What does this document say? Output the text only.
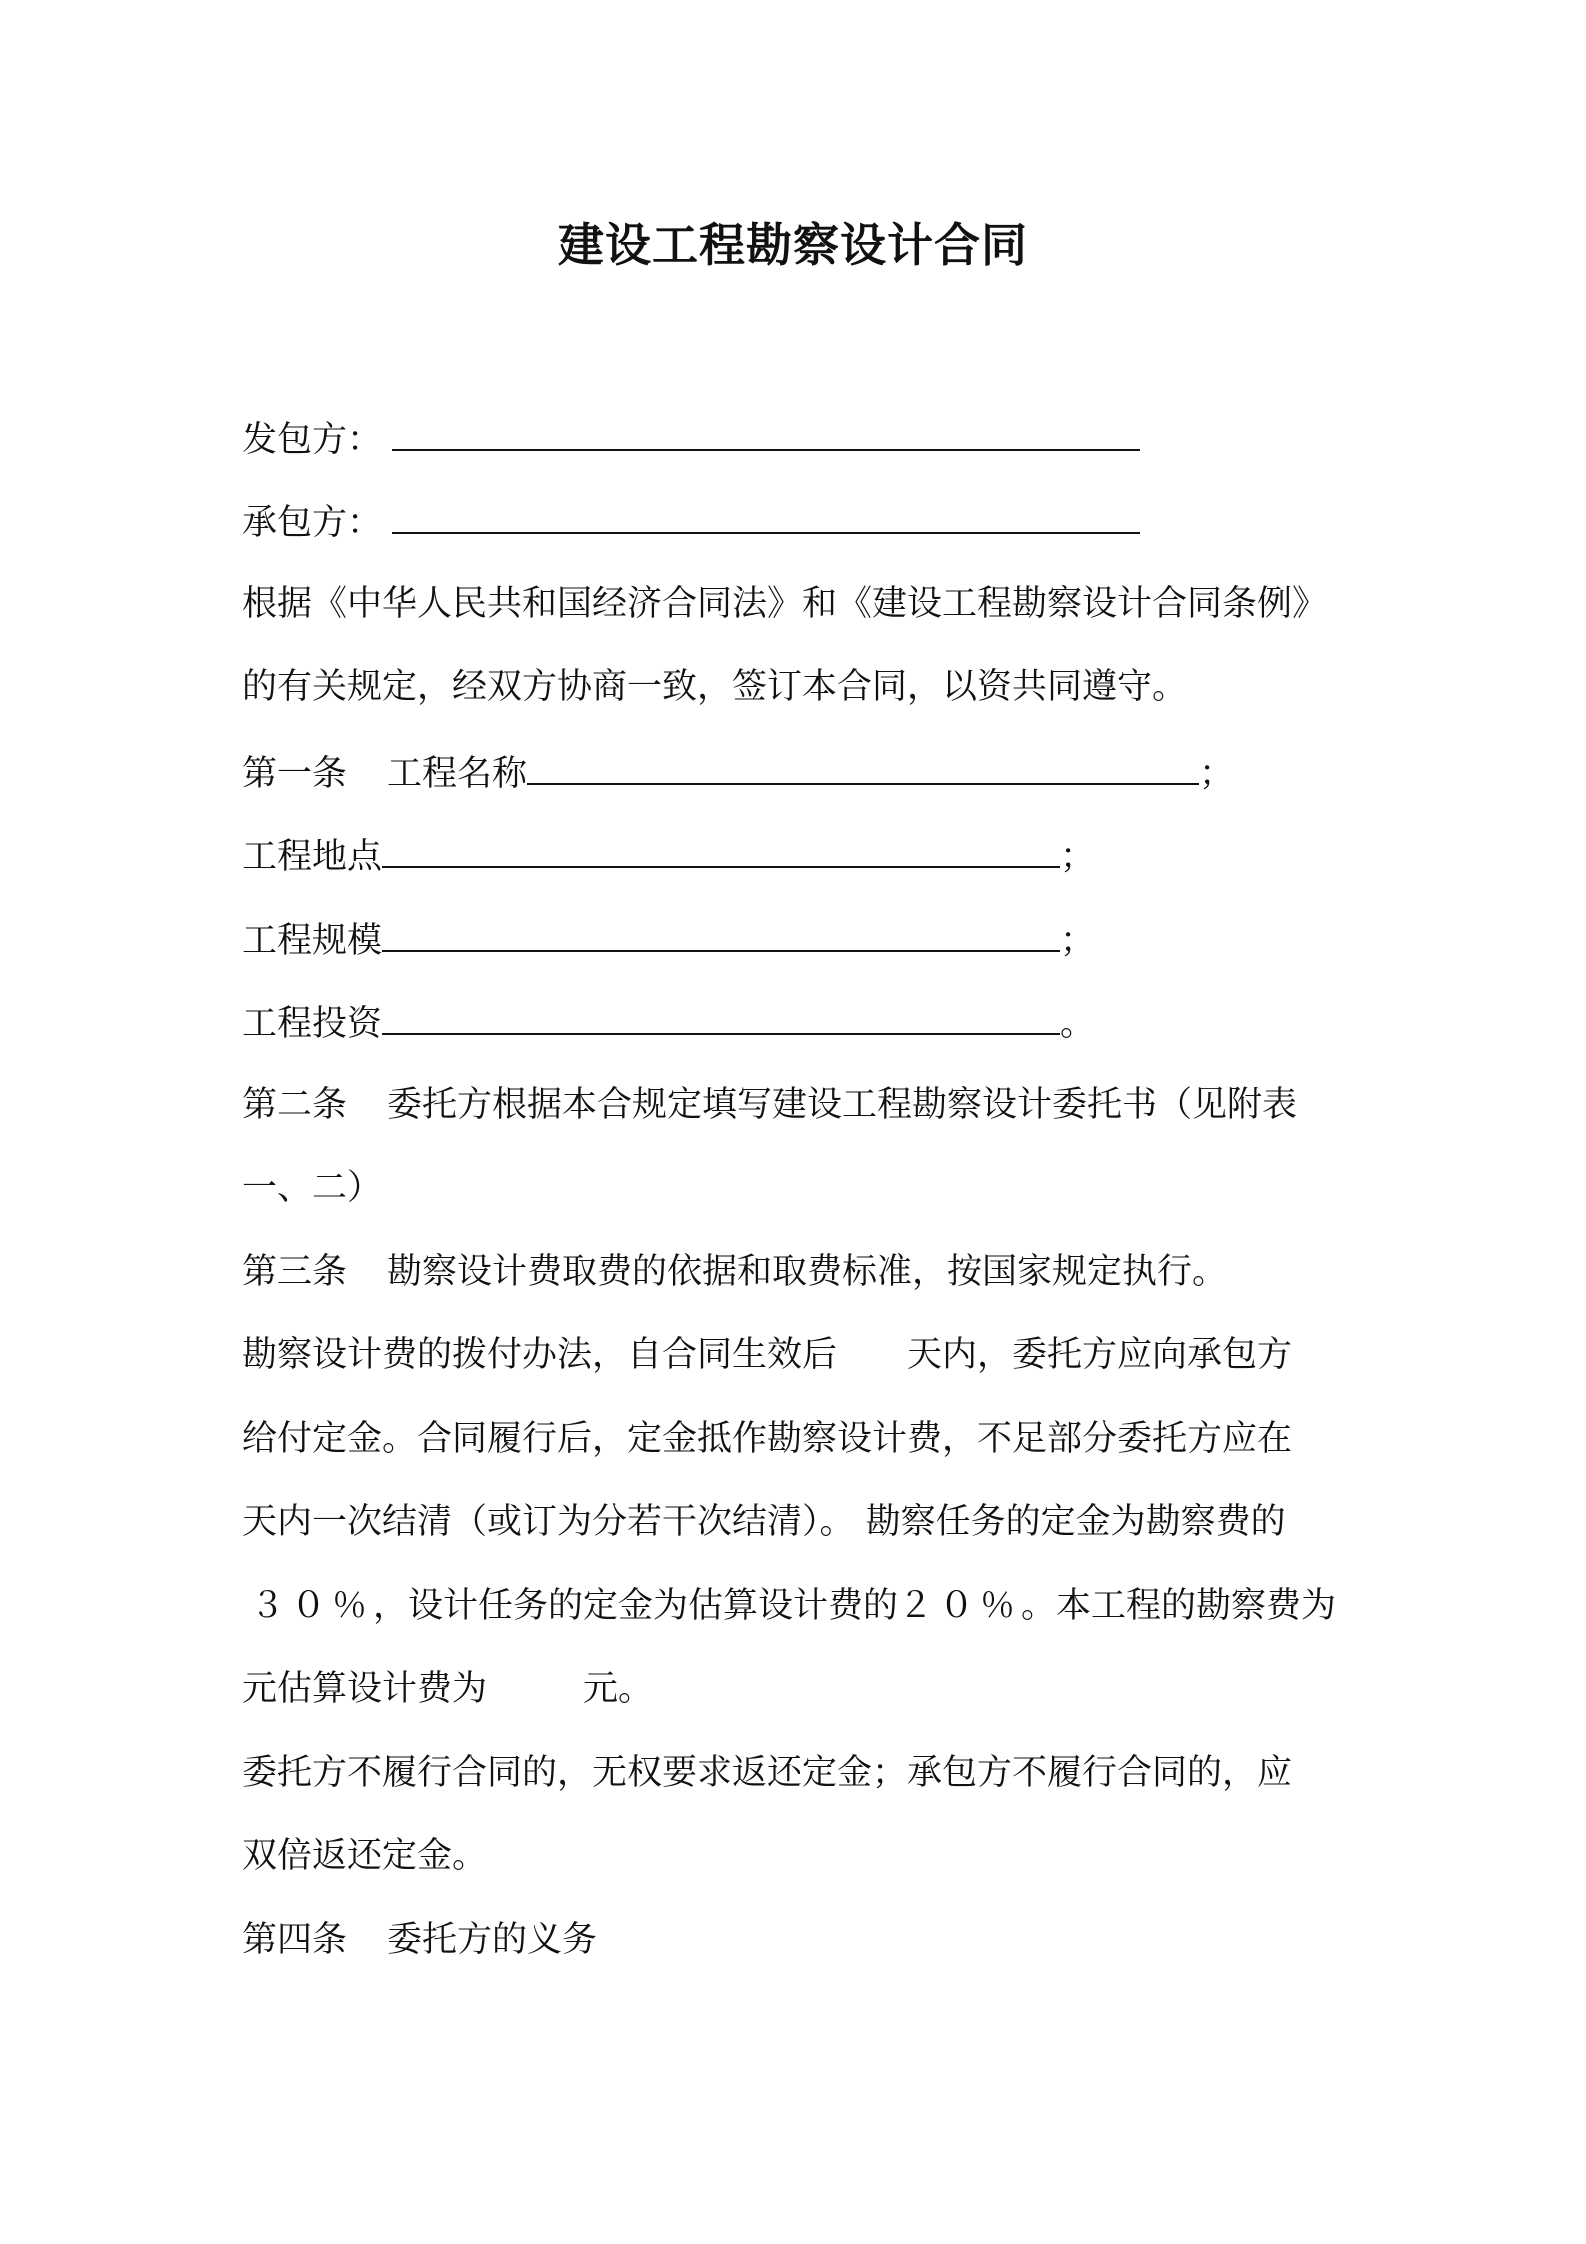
建设工程勘察设计合同
发包方：
承包方：
根据《中华人民共和国经济合同法》和《建设工程勘察设计合同条例》
的有关规定，经双方协商一致，签订本合同，以资共同遵守。
第一条 工程名称	；
工程地点	；
工程规模	；
工程投资	。
第二条 委托方根据本合规定填写建设工程勘察设计委托书（见附表
一、二）
第三条 勘察设计费取费的依据和取费标准，按国家规定执行。
勘察设计费的拨付办法，自合同生效后 天内，委托方应向承包方
给付定金。合同履行后，定金抵作勘察设计费，不足部分委托方应在
天内一次结清（或订为分若干次结清）。 勘察任务的定金为勘察费的
３０％，设计任务的定金为估算设计费的２０％。本工程的勘察费为
元估算设计费为	元。
委托方不履行合同的，无权要求返还定金；承包方不履行合同的，应
双倍返还定金。
第四条 委托方的义务
